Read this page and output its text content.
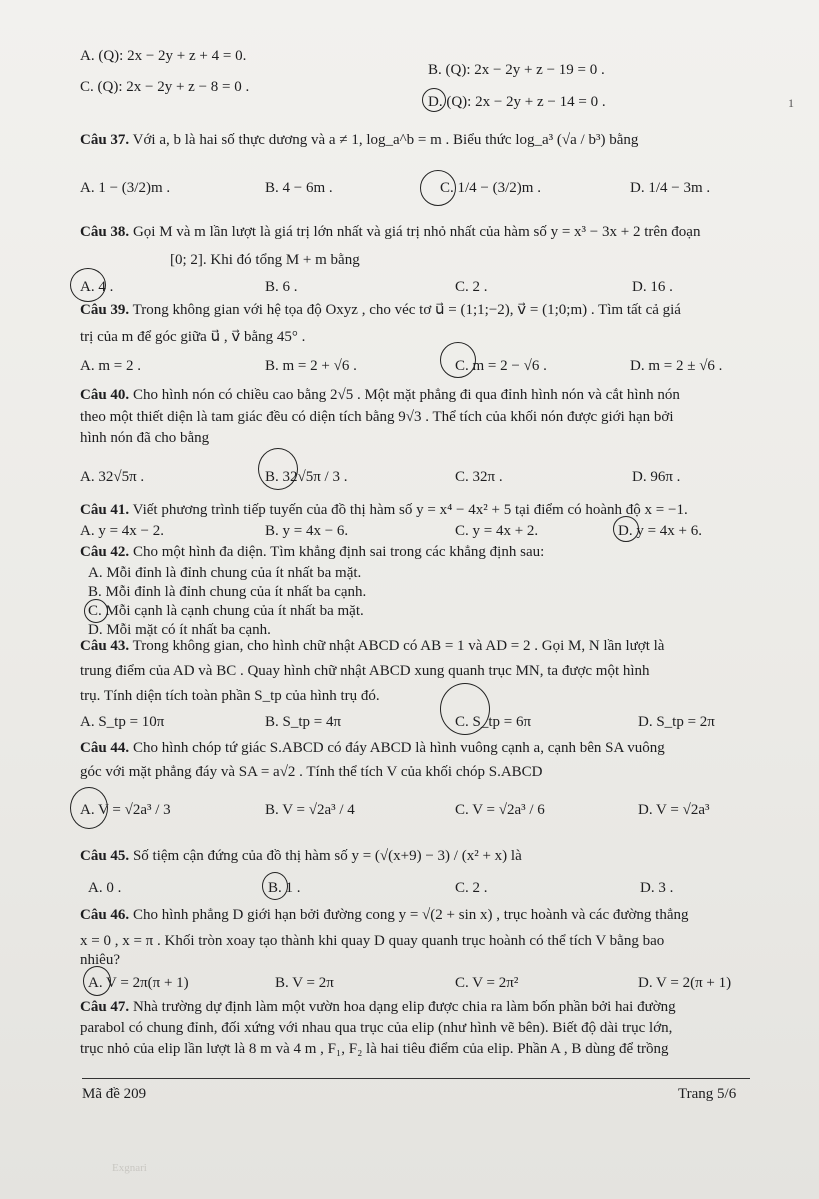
A. (Q): 2x − 2y + z + 4 = 0.
B. (Q): 2x − 2y + z − 19 = 0 .
C. (Q): 2x − 2y + z − 8 = 0 .
D. (Q): 2x − 2y + z − 14 = 0 .	1
Câu 37. Với a, b là hai số thực dương và a ≠ 1, log_a^b = m . Biểu thức log_a³ (√a / b³) bằng
A. 1 − (3/2)m .	B. 4 − 6m .	C. 1/4 − (3/2)m .	D. 1/4 − 3m .
Câu 38. Gọi M và m lần lượt là giá trị lớn nhất và giá trị nhỏ nhất của hàm số y = x³ − 3x + 2 trên đoạn
[0; 2]. Khi đó tổng M + m bằng
A. 4 .	B. 6 .	C. 2 .	D. 16 .
Câu 39. Trong không gian với hệ tọa độ Oxyz , cho véc tơ u⃗ = (1;1;−2), v⃗ = (1;0;m) . Tìm tất cả giá
trị của m để góc giữa u⃗ , v⃗ bằng 45° .
A. m = 2 .	B. m = 2 + √6 .	C. m = 2 − √6 .	D. m = 2 ± √6 .
Câu 40. Cho hình nón có chiều cao bằng 2√5 . Một mặt phẳng đi qua đỉnh hình nón và cắt hình nón
theo một thiết diện là tam giác đều có diện tích bằng 9√3 . Thể tích của khối nón được giới hạn bởi
hình nón đã cho bằng
A. 32√5π .	B. 32√5π / 3 .	C. 32π .	D. 96π .
Câu 41. Viết phương trình tiếp tuyến của đồ thị hàm số y = x⁴ − 4x² + 5 tại điểm có hoành độ x = −1.
A. y = 4x − 2.	B. y = 4x − 6.	C. y = 4x + 2.	D. y = 4x + 6.
Câu 42. Cho một hình đa diện. Tìm khẳng định sai trong các khẳng định sau:
A. Mỗi đỉnh là đỉnh chung của ít nhất ba mặt.
B. Mỗi đỉnh là đỉnh chung của ít nhất ba cạnh.
C. Mỗi cạnh là cạnh chung của ít nhất ba mặt.
D. Mỗi mặt có ít nhất ba cạnh.
Câu 43. Trong không gian, cho hình chữ nhật ABCD có AB = 1 và AD = 2 . Gọi M, N lần lượt là
trung điểm của AD và BC . Quay hình chữ nhật ABCD xung quanh trục MN, ta được một hình
trụ. Tính diện tích toàn phần S_tp của hình trụ đó.
A. S_tp = 10π	B. S_tp = 4π	C. S_tp = 6π	D. S_tp = 2π
Câu 44. Cho hình chóp tứ giác S.ABCD có đáy ABCD là hình vuông cạnh a, cạnh bên SA vuông
góc với mặt phẳng đáy và SA = a√2 . Tính thể tích V của khối chóp S.ABCD
A. V = √2a³ / 3	B. V = √2a³ / 4	C. V = √2a³ / 6	D. V = √2a³
Câu 45. Số tiệm cận đứng của đồ thị hàm số y = (√(x+9) − 3) / (x² + x) là
A. 0 .	B. 1 .	C. 2 .	D. 3 .
Câu 46. Cho hình phẳng D giới hạn bởi đường cong y = √(2 + sin x) , trục hoành và các đường thẳng
x = 0 , x = π . Khối tròn xoay tạo thành khi quay D quay quanh trục hoành có thể tích V bằng bao
nhiêu?
A. V = 2π(π + 1)	B. V = 2π	C. V = 2π²	D. V = 2(π + 1)
Câu 47. Nhà trường dự định làm một vườn hoa dạng elip được chia ra làm bốn phần bởi hai đường
parabol có chung đỉnh, đối xứng với nhau qua trục của elip (như hình vẽ bên). Biết độ dài trục lớn,
trục nhỏ của elip lần lượt là 8 m và 4 m , F₁, F₂ là hai tiêu điểm của elip. Phần A , B dùng để trồng
Mã đề 209	Trang 5/6
Exgnari
